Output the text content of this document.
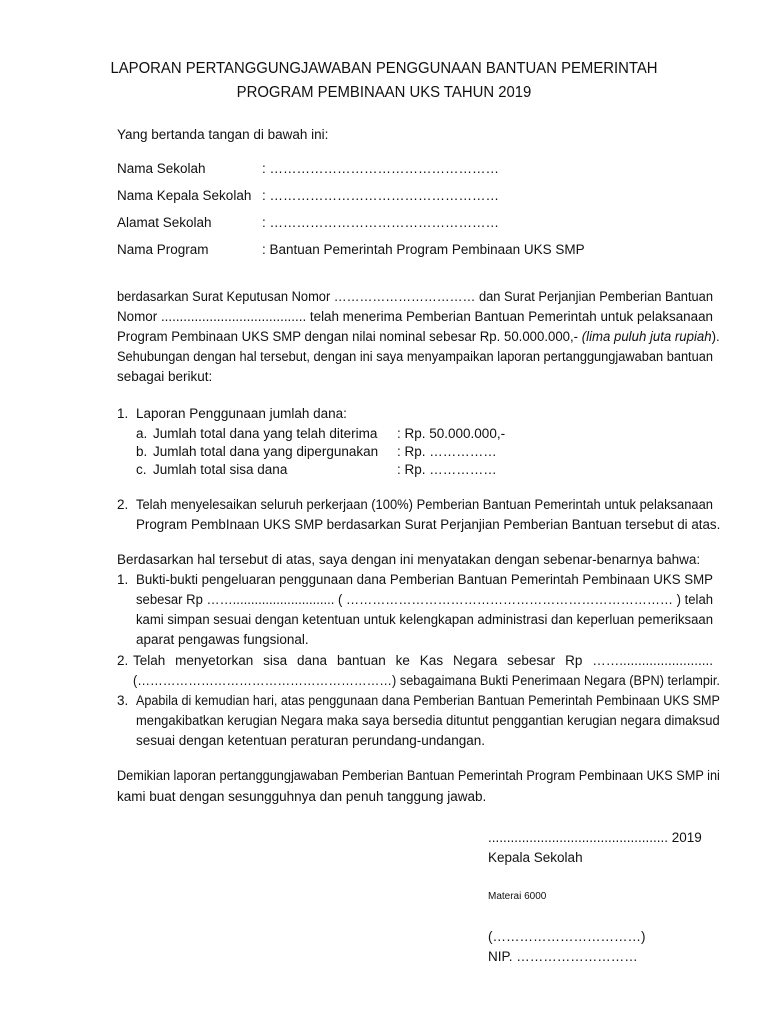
LAPORAN PERTANGGUNGJAWABAN PENGGUNAAN BANTUAN PEMERINTAH
PROGRAM PEMBINAAN UKS TAHUN 2019
Yang bertanda tangan di bawah ini:
Nama Sekolah	: ……………………………………………
Nama Kepala Sekolah : ……………………………………………
Alamat Sekolah	: ……………………………………………
Nama Program	: Bantuan Pemerintah Program Pembinaan UKS SMP
berdasarkan Surat Keputusan Nomor …………………………… dan Surat Perjanjian Pemberian Bantuan
Nomor ....................................... telah menerima Pemberian Bantuan Pemerintah untuk pelaksanaan
Program Pembinaan UKS SMP dengan nilai nominal sebesar Rp. 50.000.000,- (lima puluh juta rupiah).
Sehubungan dengan hal tersebut, dengan ini saya menyampaikan laporan pertanggungjawaban bantuan
sebagai berikut:
1. Laporan Penggunaan jumlah dana:
a. Jumlah total dana yang telah diterima : Rp. 50.000.000,-
b. Jumlah total dana yang dipergunakan : Rp. ……………
c. Jumlah total sisa dana	: Rp. ……………
2. Telah menyelesaikan seluruh perkerjaan (100%) Pemberian Bantuan Pemerintah untuk pelaksanaan
Program PembInaan UKS SMP berdasarkan Surat Perjanjian Pemberian Bantuan tersebut di atas.
Berdasarkan hal tersebut di atas, saya dengan ini menyatakan dengan sebenar-benarnya bahwa:
1. Bukti-bukti pengeluaran penggunaan dana Pemberian Bantuan Pemerintah Pembinaan UKS SMP
sebesar Rp ……............................ ( ………………………………………………………………… ) telah
kami simpan sesuai dengan ketentuan untuk kelengkapan administrasi dan keperluan pemeriksaan
aparat pengawas fungsional.
2. Telah menyetorkan sisa dana bantuan ke Kas Negara sebesar Rp …….........................
(……………………………………………………) sebagaimana Bukti Penerimaan Negara (BPN) terlampir.
3. Apabila di kemudian hari, atas penggunaan dana Pemberian Bantuan Pemerintah Pembinaan UKS SMP
mengakibatkan kerugian Negara maka saya bersedia dituntut penggantian kerugian negara dimaksud
sesuai dengan ketentuan peraturan perundang-undangan.
Demikian laporan pertanggungjawaban Pemberian Bantuan Pemerintah Program Pembinaan UKS SMP ini
kami buat dengan sesungguhnya dan penuh tanggung jawab.
................................................ 2019
Kepala Sekolah
Materai 6000
(……………………………)
NIP. ………………………
